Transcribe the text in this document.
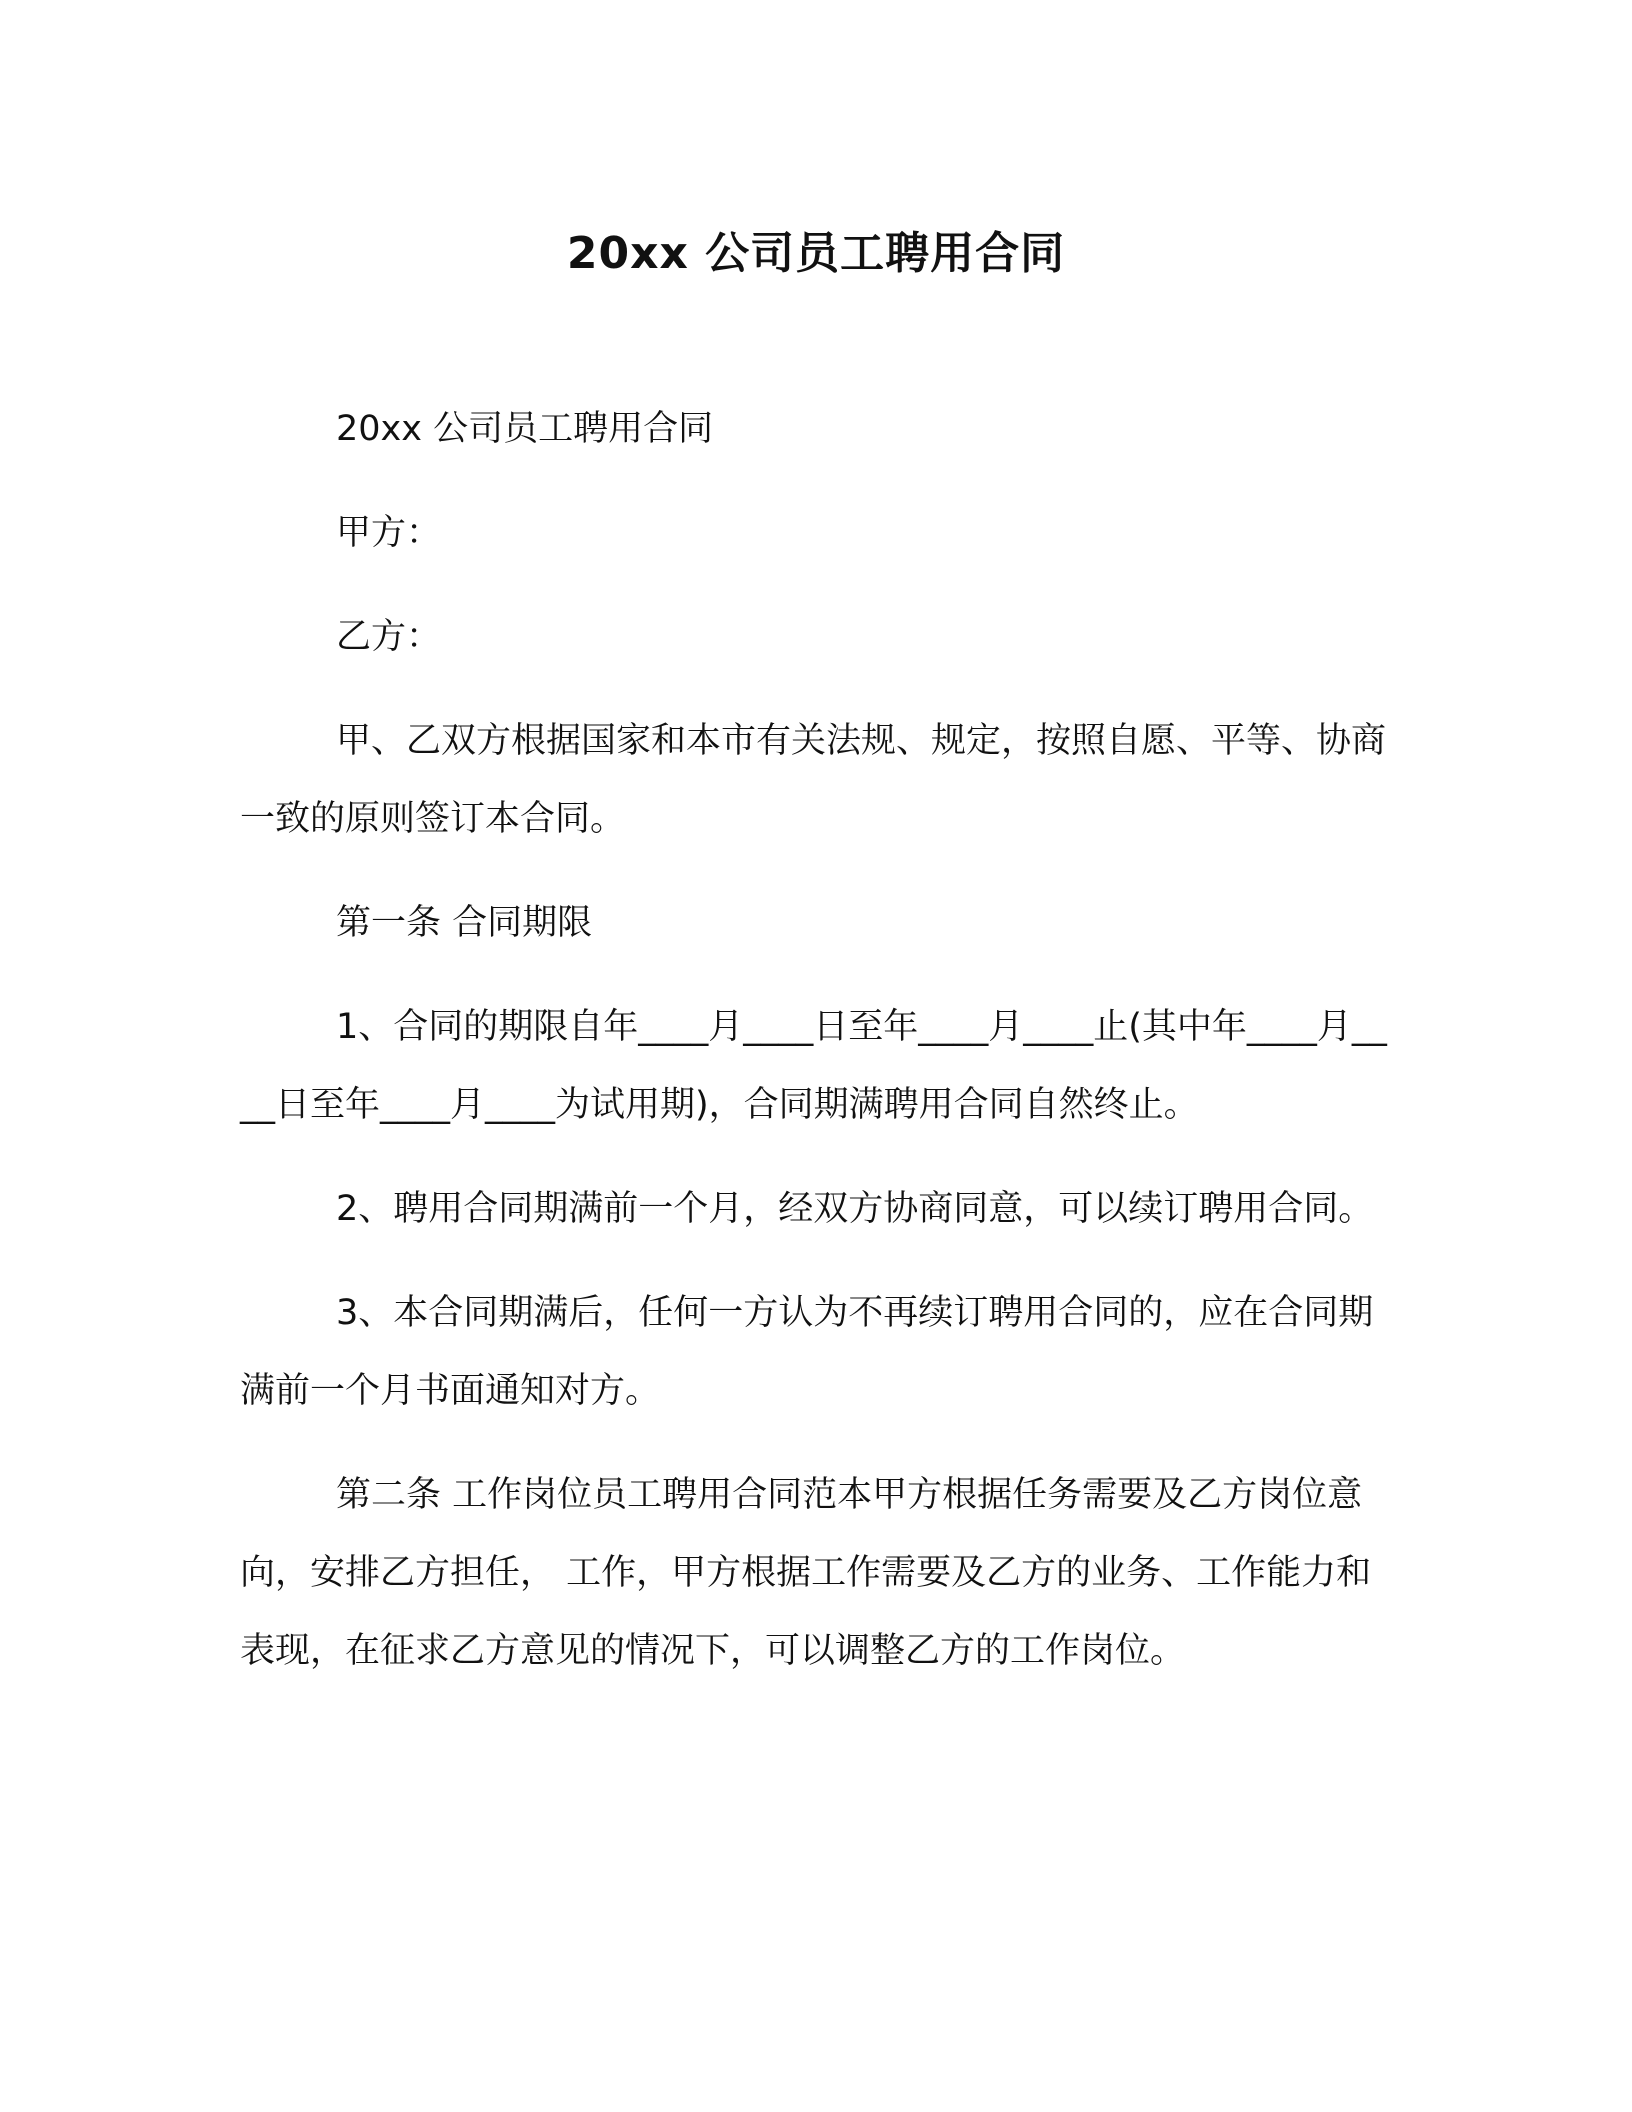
20xx 公司员工聘用合同

20xx 公司员工聘用合同

甲方：

乙方：

甲、乙双方根据国家和本市有关法规、规定，按照自愿、平等、协商一致的原则签订本合同。

第一条 合同期限

1、合同的期限自年____月____日至年____月____止(其中年____月____日至年____月____为试用期)，合同期满聘用合同自然终止。

2、聘用合同期满前一个月，经双方协商同意，可以续订聘用合同。

3、本合同期满后，任何一方认为不再续订聘用合同的，应在合同期满前一个月书面通知对方。

第二条 工作岗位员工聘用合同范本甲方根据任务需要及乙方岗位意向，安排乙方担任， 工作，甲方根据工作需要及乙方的业务、工作能力和表现，在征求乙方意见的情况下，可以调整乙方的工作岗位。
